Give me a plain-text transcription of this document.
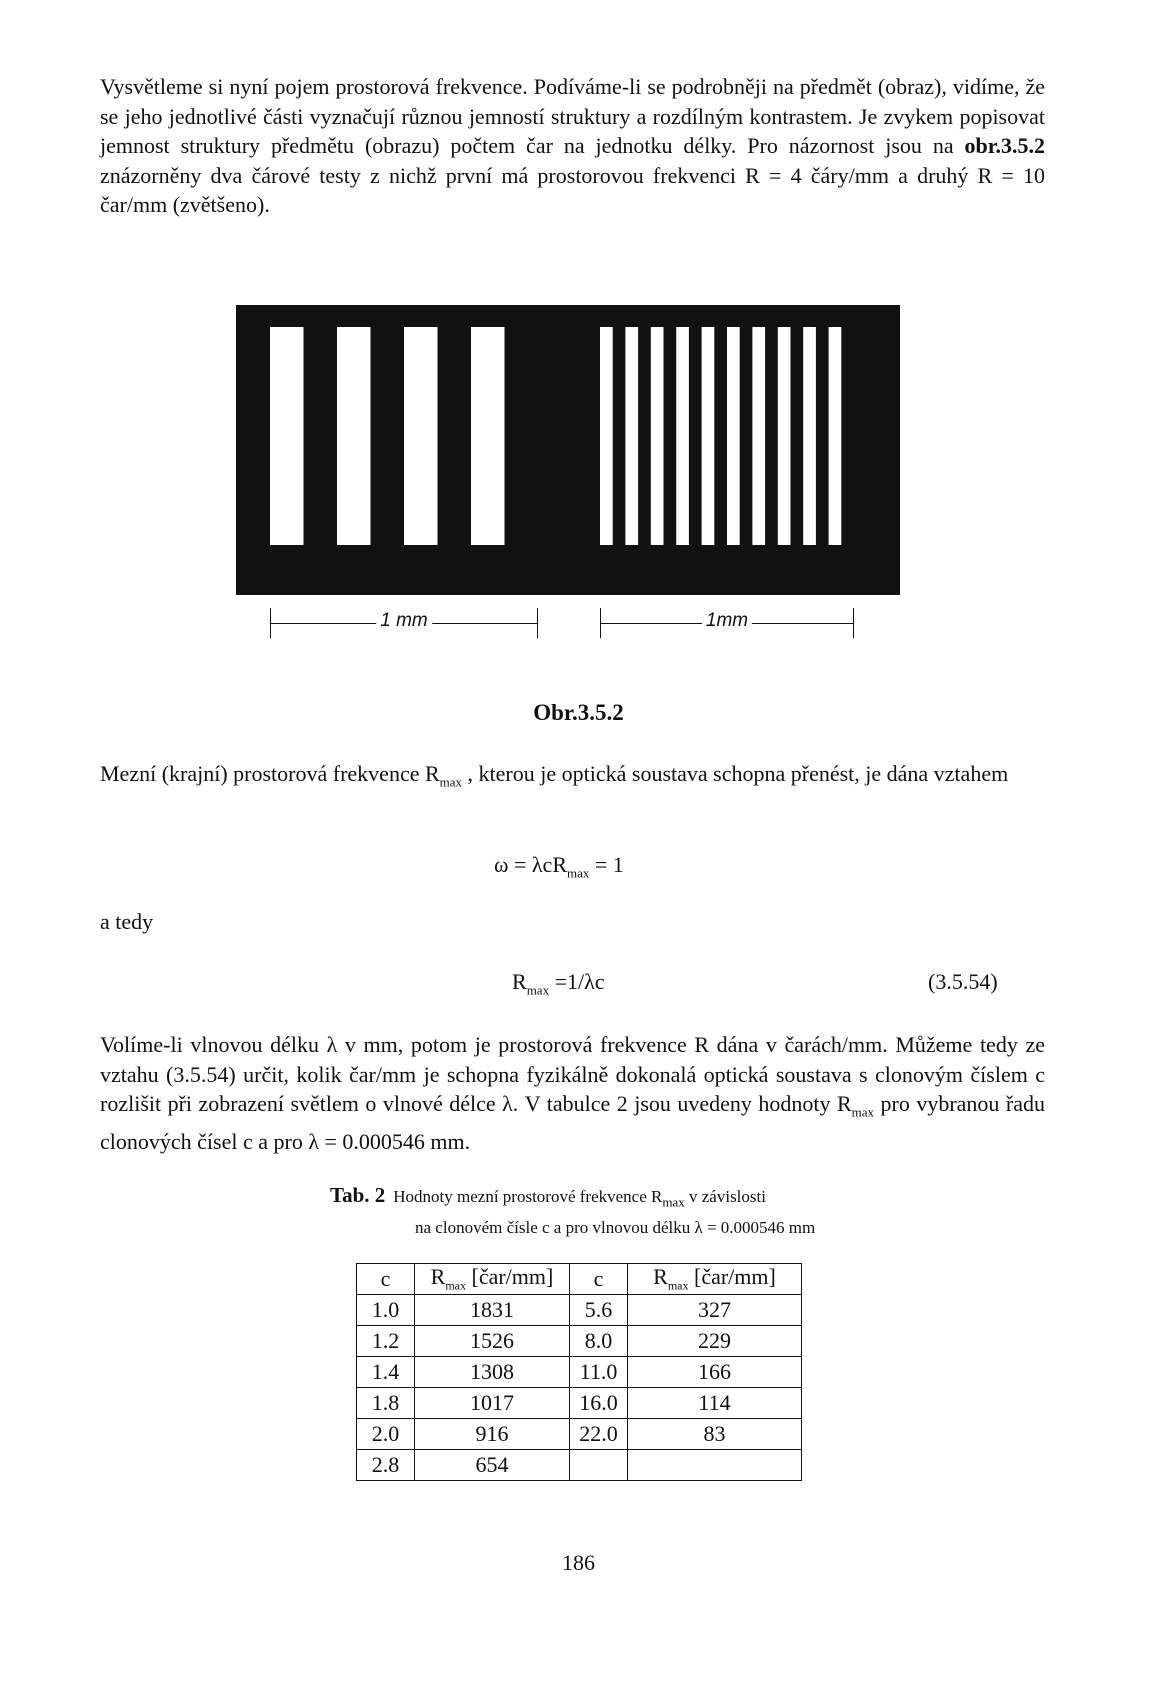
Vysvětleme si nyní pojem prostorová frekvence. Podíváme-li se podrobněji na předmět (obraz), vidíme, že se jeho jednotlivé části vyznačují různou jemností struktury a rozdílným kontrastem. Je zvykem popisovat jemnost struktury předmětu (obrazu) počtem čar na jednotku délky. Pro názornost jsou na obr.3.5.2 znázorněny dva čárové testy z nichž první má prostorovou frekvenci R = 4 čáry/mm a druhý R = 10 čar/mm (zvětšeno).

1 mm	1mm
Obr.3.5.2

Mezní (krajní) prostorová frekvence $R_{max}$ , kterou je optická soustava schopna přenést, je dána vztahem

ω = λcR$_{max}$ = 1
a tedy
$R_{max} =1/\lambda c$	(3.5.54)

Volíme-li vlnovou délku λ v mm, potom je prostorová frekvence R dána v čarách/mm. Můžeme tedy ze vztahu (3.5.54) určit, kolik čar/mm je schopna fyzikálně dokonalá optická soustava s clonovým číslem c rozlišit při zobrazení světlem o vlnové délce λ. V tabulce 2 jsou uvedeny hodnoty $R_{max}$ pro vybranou řadu clonových čísel c a pro λ = 0.000546 mm.

Tab. 2 Hodnoty mezní prostorové frekvence $R_{max}$ v závislosti
na clonovém čísle c a pro vlnovou délku λ = 0.000546 mm
c	$R_{max}$ [čar/mm]	c	$R_{max}$ [čar/mm]
1.0	1831	5.6	327
1.2	1526	8.0	229
1.4	1308	11.0	166
1.8	1017	16.0	114
2.0	916	22.0	83
2.8	654		
186
